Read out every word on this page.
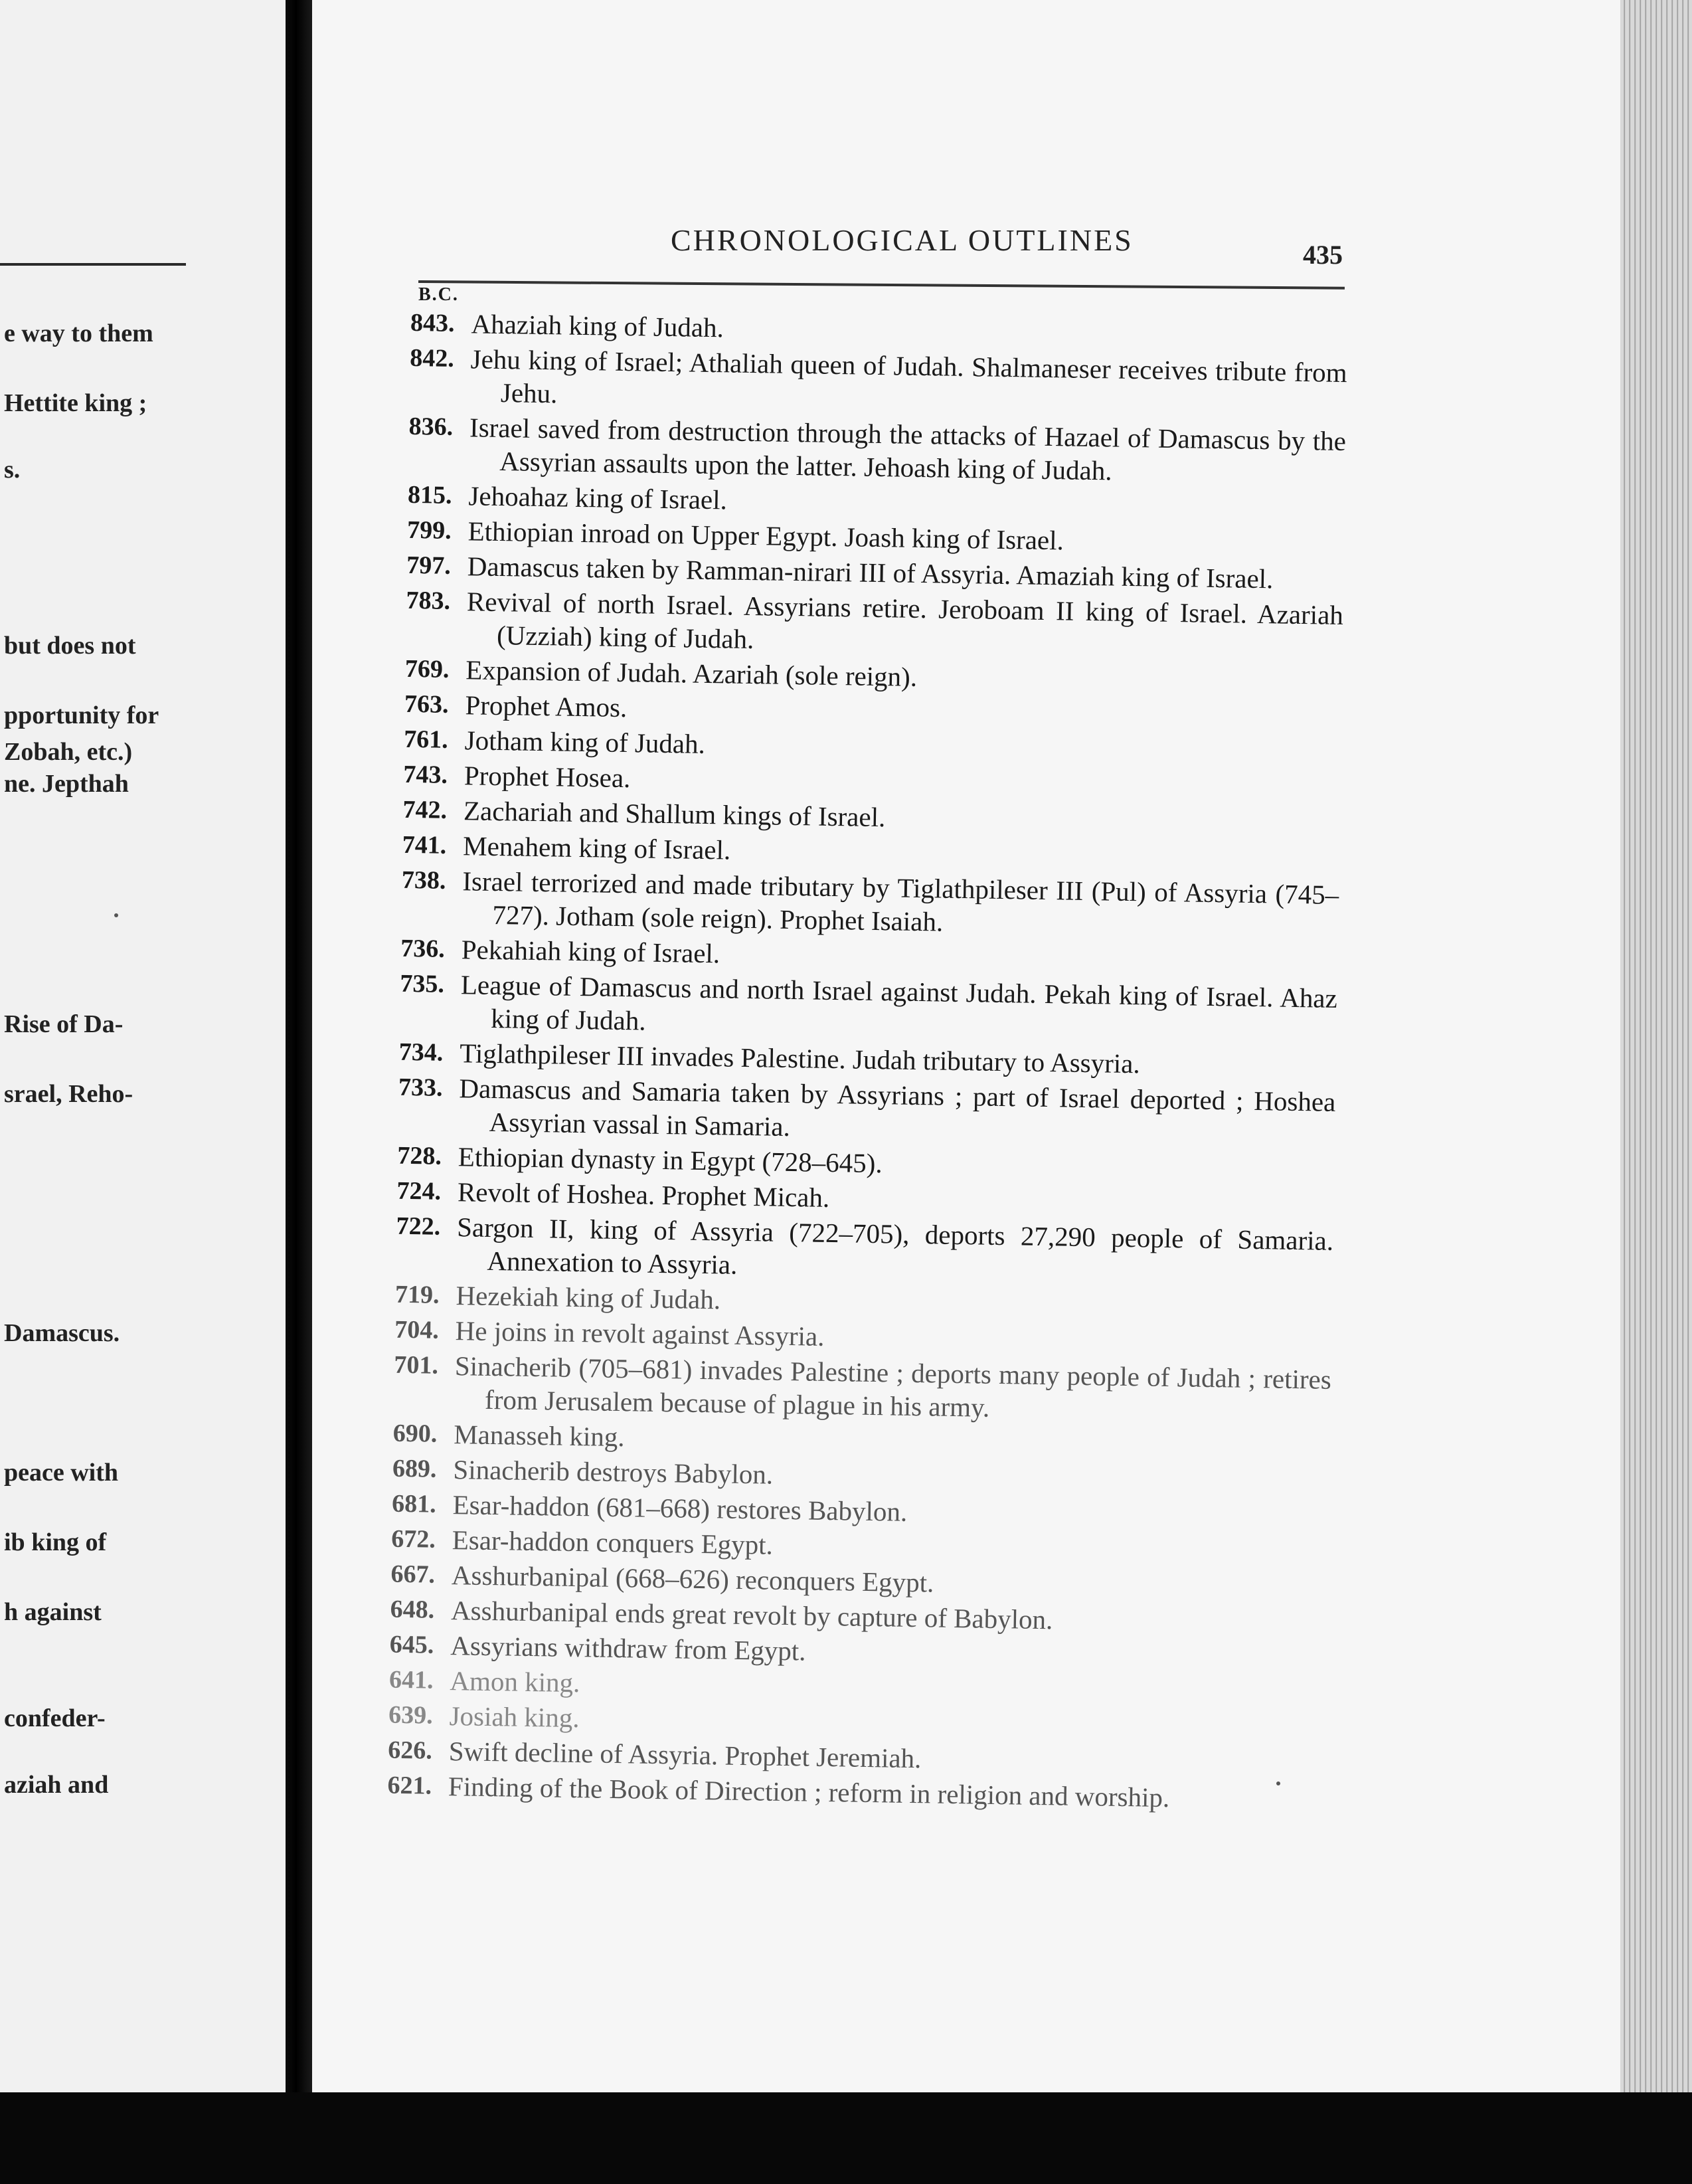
e way to them
Hettite king ;
s.
but does not
pportunity for
Zobah, etc.)
ne. Jepthah
Rise of Da-
srael, Reho-
Damascus.
peace with
ib king of
h against
confeder-
aziah and
CHRONOLOGICAL OUTLINES	435
B.C.
843. Ahaziah king of Judah.
842. Jehu king of Israel; Athaliah queen of Judah. Shalmaneser receives tribute from Jehu.
836. Israel saved from destruction through the attacks of Hazael of Damascus by the Assyrian assaults upon the latter. Jehoash king of Judah.
815. Jehoahaz king of Israel.
799. Ethiopian inroad on Upper Egypt. Joash king of Israel.
797. Damascus taken by Ramman-nirari III of Assyria. Amaziah king of Israel.
783. Revival of north Israel. Assyrians retire. Jeroboam II king of Israel. Azariah (Uzziah) king of Judah.
769. Expansion of Judah. Azariah (sole reign).
763. Prophet Amos.
761. Jotham king of Judah.
743. Prophet Hosea.
742. Zachariah and Shallum kings of Israel.
741. Menahem king of Israel.
738. Israel terrorized and made tributary by Tiglathpileser III (Pul) of Assyria (745–727). Jotham (sole reign). Prophet Isaiah.
736. Pekahiah king of Israel.
735. League of Damascus and north Israel against Judah. Pekah king of Israel. Ahaz king of Judah.
734. Tiglathpileser III invades Palestine. Judah tributary to Assyria.
733. Damascus and Samaria taken by Assyrians ; part of Israel deported ; Hoshea Assyrian vassal in Samaria.
728. Ethiopian dynasty in Egypt (728–645).
724. Revolt of Hoshea. Prophet Micah.
722. Sargon II, king of Assyria (722–705), deports 27,290 people of Samaria. Annexation to Assyria.
719. Hezekiah king of Judah.
704. He joins in revolt against Assyria.
701. Sinacherib (705–681) invades Palestine ; deports many people of Judah ; retires from Jerusalem because of plague in his army.
690. Manasseh king.
689. Sinacherib destroys Babylon.
681. Esar-haddon (681–668) restores Babylon.
672. Esar-haddon conquers Egypt.
667. Asshurbanipal (668–626) reconquers Egypt.
648. Asshurbanipal ends great revolt by capture of Babylon.
645. Assyrians withdraw from Egypt.
641. Amon king.
639. Josiah king.
626. Swift decline of Assyria. Prophet Jeremiah.
621. Finding of the Book of Direction ; reform in religion and worship.
